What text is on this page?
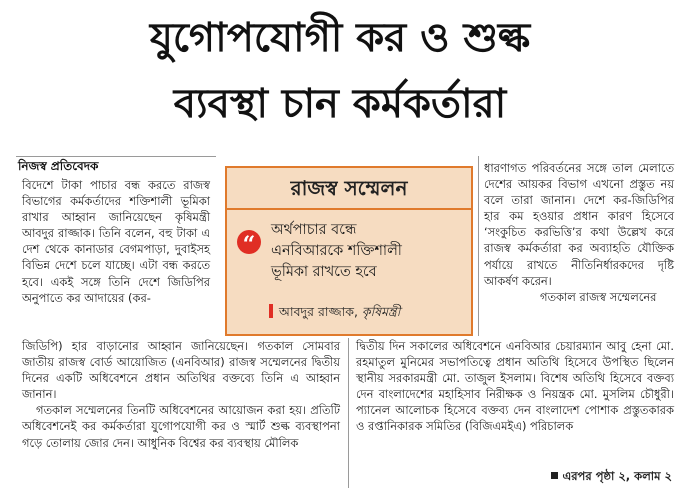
যুগোপযোগী কর ও শুল্ক
ব্যবস্থা চান কর্মকর্তারা
নিজস্ব প্রতিবেদক

বিদেশে টাকা পাচার বন্ধ করতে রাজস্ব বিভাগের কর্মকর্তাদের শক্তিশালী ভূমিকা রাখার আহ্বান জানিয়েছেন কৃষিমন্ত্রী আবদুর রাজ্জাক। তিনি বলেন, বহু টাকা এ দেশ থেকে কানাডার বেগমপাড়া, দুবাইসহ বিভিন্ন দেশে চলে যাচ্ছে। এটা বন্ধ করতে হবে। একই সঙ্গে তিনি দেশে জিডিপির অনুপাতে কর আদায়ের (কর-

রাজস্ব সম্মেলন
“
অর্থপাচার বন্ধে
এনবিআরকে শক্তিশালী
ভূমিকা রাখতে হবে
আবদুর রাজ্জাক, কৃষিমন্ত্রী

ধারণাগত পরিবর্তনের সঙ্গে তাল মেলাতে দেশের আয়কর বিভাগ এখনো প্রস্তুত নয় বলে তারা জানান। দেশে কর-জিডিপির হার কম হওয়ার প্রধান কারণ হিসেবে ‘সংকুচিত করভিত্তি’র কথা উল্লেখ করে রাজস্ব কর্মকর্তারা কর অব্যাহতি যৌক্তিক পর্যায়ে রাখতে নীতিনির্ধারকদের দৃষ্টি আকর্ষণ করেন।

গতকাল রাজস্ব সম্মেলনের

জিডিপি) হার বাড়ানোর আহ্বান জানিয়েছেন। গতকাল সোমবার জাতীয় রাজস্ব বোর্ড আয়োজিত (এনবিআর) রাজস্ব সম্মেলনের দ্বিতীয় দিনের একটি অধিবেশনে প্রধান অতিথির বক্তব্যে তিনি এ আহ্বান জানান।

গতকাল সম্মেলনের তিনটি অধিবেশনের আয়োজন করা হয়। প্রতিটি অধিবেশনেই কর কর্মকর্তারা যুগোপযোগী কর ও স্মার্ট শুল্ক ব্যবস্থাপনা গড়ে তোলায় জোর দেন। আধুনিক বিশ্বের কর ব্যবস্থায় মৌলিক

দ্বিতীয় দিন সকালের অধিবেশনে এনবিআর চেয়ারম্যান আবু হেনা মো. রহমাতুল মুনিমের সভাপতিত্বে প্রধান অতিথি হিসেবে উপস্থিত ছিলেন স্থানীয় সরকারমন্ত্রী মো. তাজুল ইসলাম। বিশেষ অতিথি হিসেবে বক্তব্য দেন বাংলাদেশের মহাহিসাব নিরীক্ষক ও নিয়ন্ত্রক মো. মুসলিম চৌধুরী। প্যানেল আলোচক হিসেবে বক্তব্য দেন বাংলাদেশ পোশাক প্রস্তুতকারক ও রপ্তানিকারক সমিতির (বিজিএমইএ) পরিচালক

এরপর পৃষ্ঠা ২, কলাম ২
